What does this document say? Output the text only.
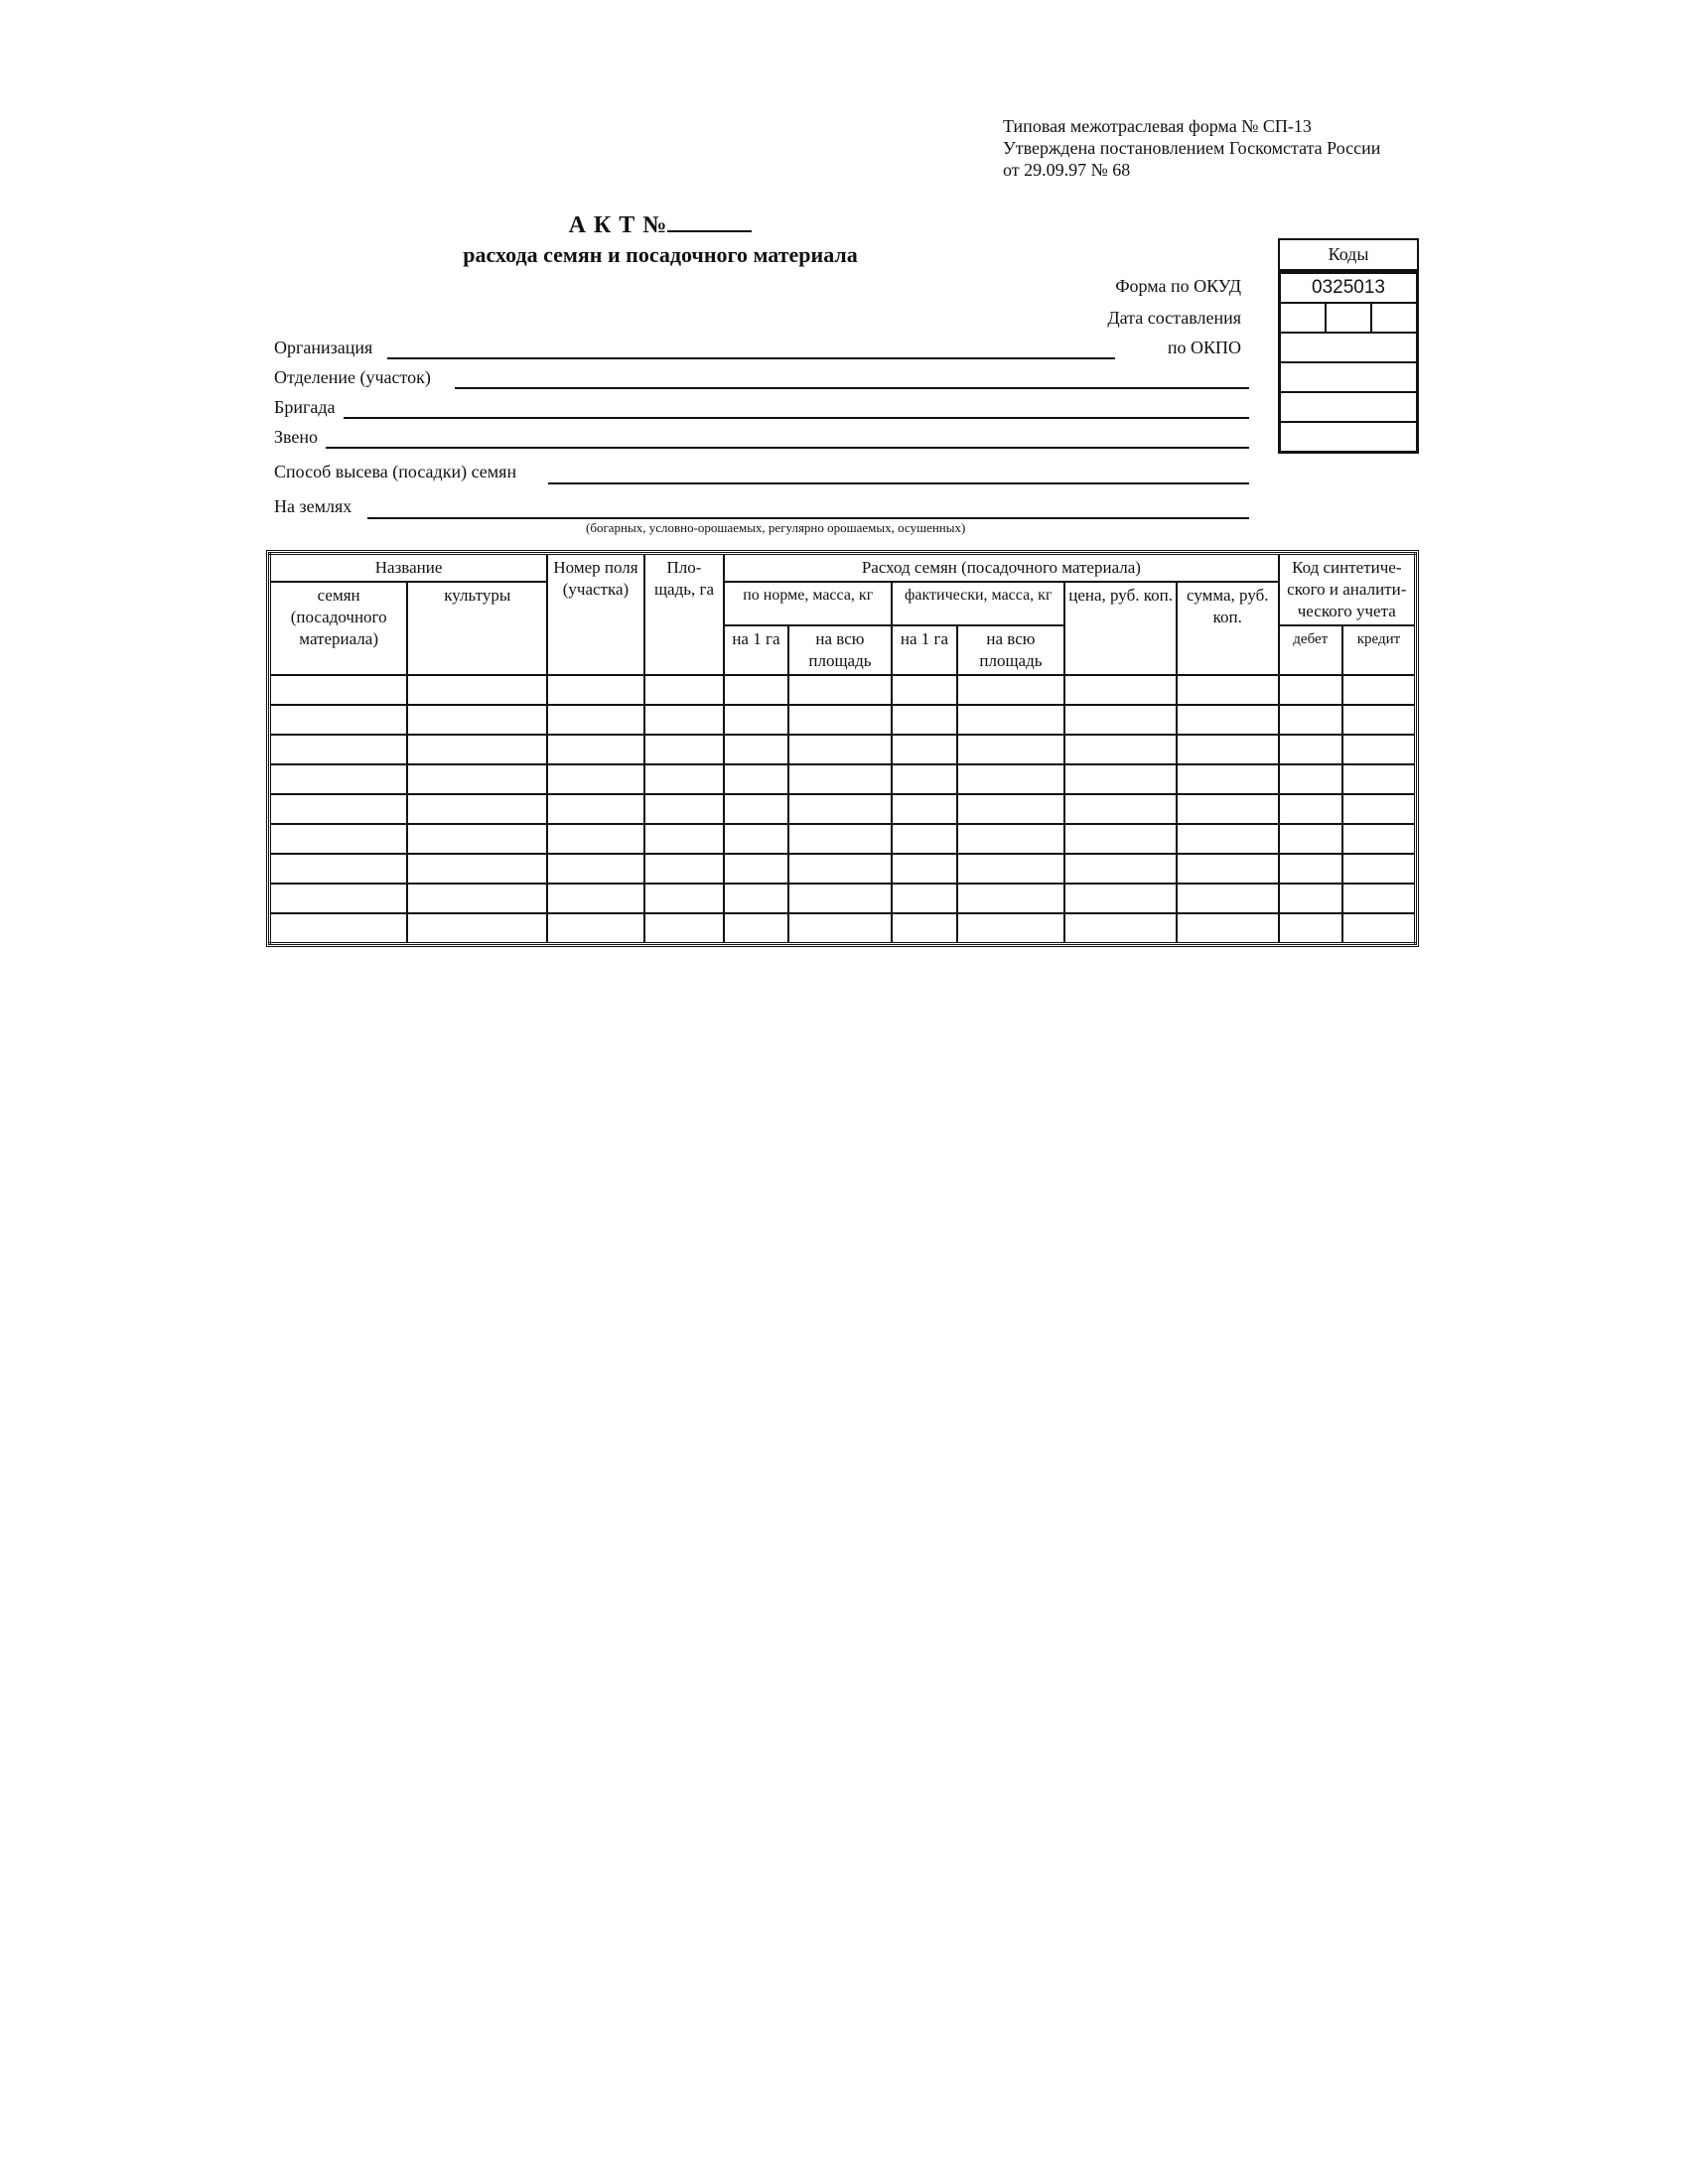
Типовая межотраслевая форма № СП-13
Утверждена постановлением Госкомстата России
от 29.09.97 № 68
А К Т №
расхода семян и посадочного материала
Форма по ОКУД
Дата составления
по ОКПО
Коды
0325013
Организация
Отделение (участок)
Бригада
Звено
Способ высева (посадки) семян
На землях
(богарных, условно-орошаемых, регулярно орошаемых, осушенных)
Название		Номер поля (участка)	Пло-щадь, га	Расход семян (посадочного материала)						Код синтетиче-ского и аналити-ческого учета	
семян (посадочного материала)	культуры			по норме, масса, кг		фактически, масса, кг		цена, руб. коп.	сумма, руб. коп.		
				на 1 га	на всю площадь	на 1 га	на всю площадь			дебет	кредит
